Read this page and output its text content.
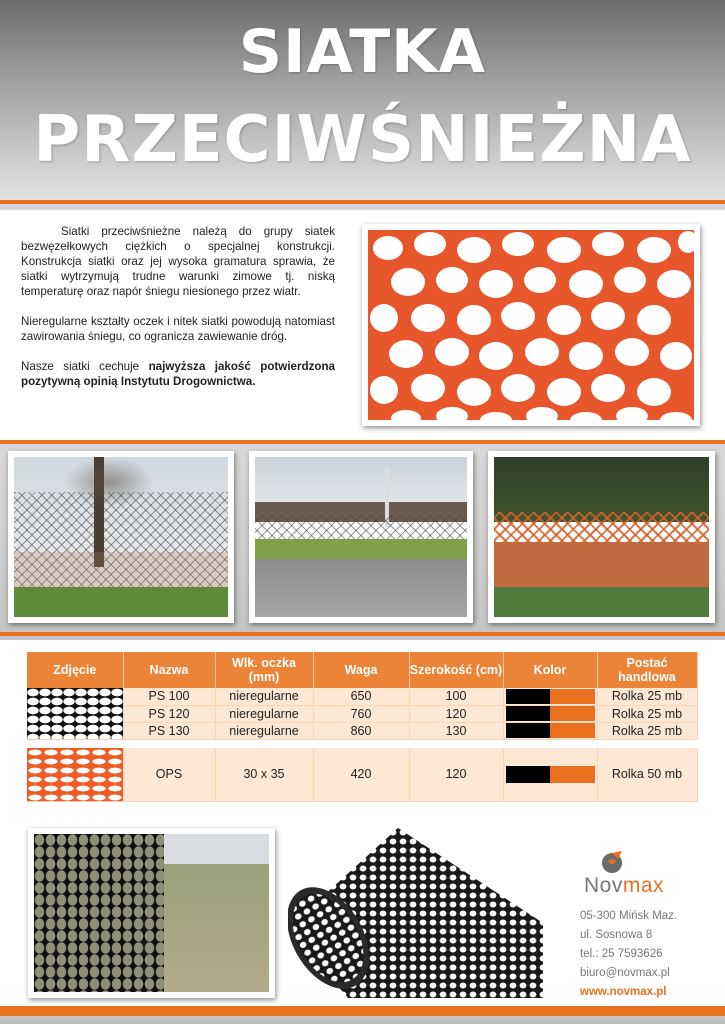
SIATKA
PRZECIWŚNIEŻNA

Siatki przeciwśnieżne należą do grupy siatek bezwęzełkowych ciężkich o specjalnej konstrukcji. Konstrukcja siatki oraz jej wysoka gramatura sprawia, że siatki wytrzymują trudne warunki zimowe tj. niską temperaturę oraz napór śniegu niesionego przez wiatr.

Nieregularne kształty oczek i nitek siatki powodują natomiast zawirowania śniegu, co ogranicza zawiewanie dróg.

Nasze siatki cechuje najwyższa jakość potwierdzona pozytywną opinią Instytutu Drogownictwa.

Zdjęcie	Nazwa	Wlk. oczka (mm)	Waga	Szerokość (cm)	Kolor	Postać handlowa

	PS 100	nieregularne	650	100		Rolka 25 mb
	PS 120	nieregularne	760	120		Rolka 25 mb
	PS 130	nieregularne	860	130		Rolka 25 mb

	OPS	30 x 35	420	120		Rolka 50 mb
Novmax
05-300 Mińsk Maz.
ul. Sosnowa 8
tel.: 25 7593626
biuro@novmax.pl
www.novmax.pl
